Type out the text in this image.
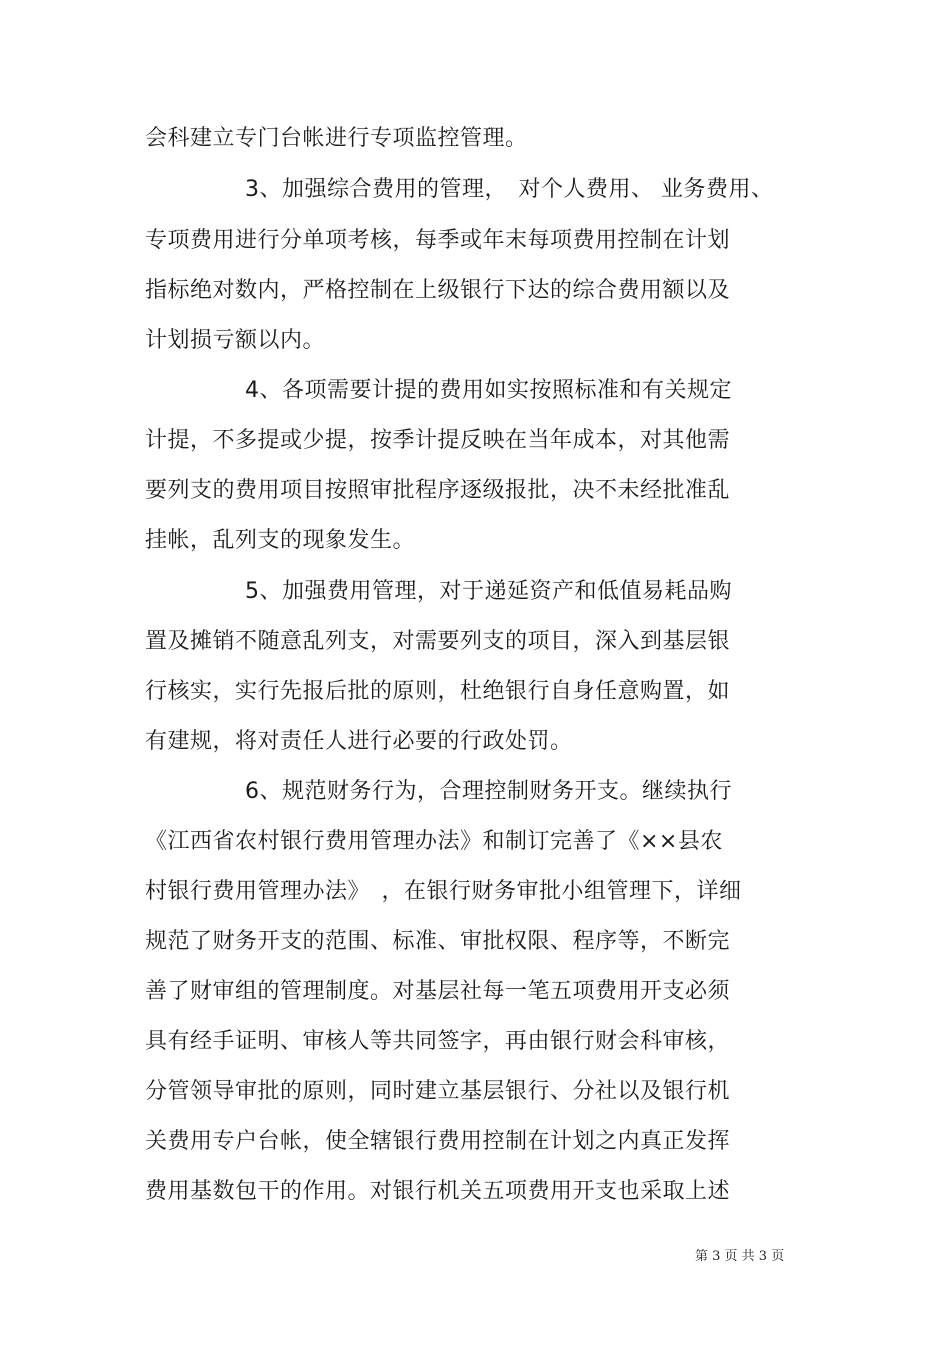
会科建立专门台帐进行专项监控管理。
3、加强综合费用的管理，　对个人费用、 业务费用、
专项费用进行分单项考核，每季或年末每项费用控制在计划
指标绝对数内，严格控制在上级银行下达的综合费用额以及
计划损亏额以内。
4、各项需要计提的费用如实按照标准和有关规定
计提，不多提或少提，按季计提反映在当年成本，对其他需
要列支的费用项目按照审批程序逐级报批，决不未经批准乱
挂帐，乱列支的现象发生。
5、加强费用管理，对于递延资产和低值易耗品购
置及摊销不随意乱列支，对需要列支的项目，深入到基层银
行核实，实行先报后批的原则，杜绝银行自身任意购置，如
有建规，将对责任人进行必要的行政处罚。
6、规范财务行为，合理控制财务开支。继续执行
《江西省农村银行费用管理办法》和制订完善了《××县农
村银行费用管理办法》　，在银行财务审批小组管理下，详细
规范了财务开支的范围、标准、审批权限、程序等，不断完
善了财审组的管理制度。对基层社每一笔五项费用开支必须
具有经手证明、审核人等共同签字，再由银行财会科审核，
分管领导审批的原则，同时建立基层银行、分社以及银行机
关费用专户台帐，使全辖银行费用控制在计划之内真正发挥
费用基数包干的作用。对银行机关五项费用开支也采取上述
第 3 页 共 3 页
